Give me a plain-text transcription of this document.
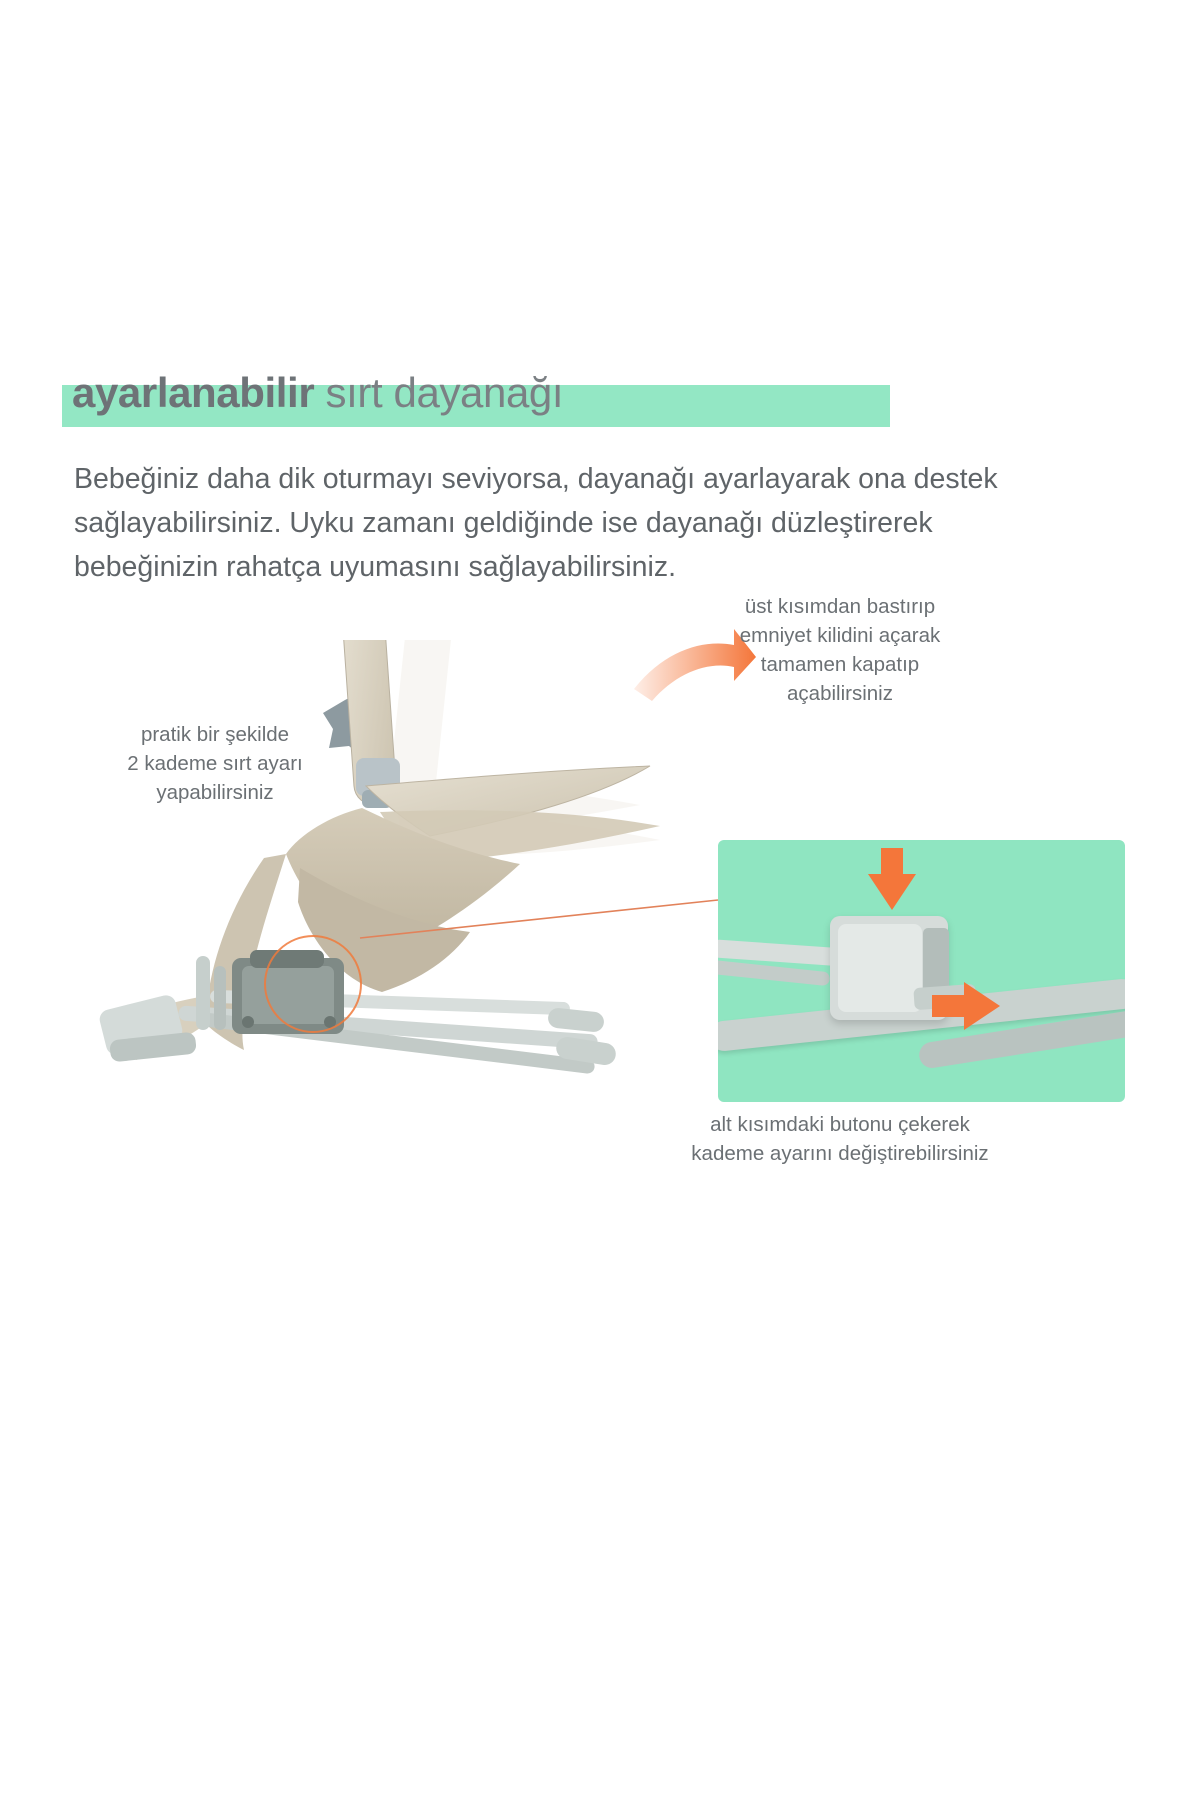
ayarlanabilir sırt dayanağı
Bebeğiniz daha dik oturmayı seviyorsa, dayanağı ayarlayarak ona destek sağlayabilirsiniz. Uyku zamanı geldiğinde ise dayanağı düzleştirerek bebeğinizin rahatça uyumasını sağlayabilirsiniz.
pratik bir şekilde
2 kademe sırt ayarı
yapabilirsiniz
üst kısımdan bastırıp
emniyet kilidini açarak
tamamen kapatıp
açabilirsiniz
alt kısımdaki butonu çekerek
kademe ayarını değiştirebilirsiniz
